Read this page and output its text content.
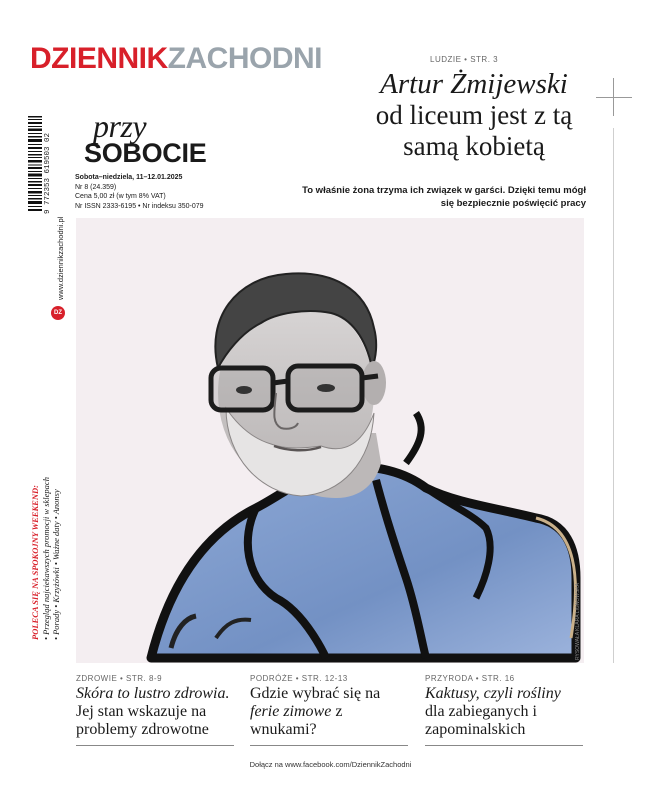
DZIENNIKZACHODNI	LUDZIE • STR. 3
Artur Żmijewski
od liceum jest z tą samą kobietą
To właśnie żona trzyma ich związek w garści. Dzięki temu mógł się bezpiecznie poświęcić pracy
przy
SOBOCIE
Sobota–niedziela, 11–12.01.2025
Nr 8 (24.359)
Cena 5,00 zł (w tym 8% VAT)
Nr ISSN 2333-6195 • Nr indeksu 350-079
9 772353 619503 02
DZ
www.dziennikzachodni.pl
POLECA SIĘ NA SPOKOJNY WEEKEND: • Przegląd najciekawszych promocji w sklepach • Porady • Krzyżówki • Ważne daty • Anonsy	RYSOWAŁA KLARA LIGNOWSKA
ZDROWIE • STR. 8-9
Skóra to lustro zdrowia. Jej stan wskazuje na problemy zdrowotne
PODRÓŻE • STR. 12-13
Gdzie wybrać się na ferie zimowe z wnukami?
PRZYRODA • STR. 16
Kaktusy, czyli rośliny dla zabieganych i zapominalskich
Dołącz na www.facebook.com/DziennikZachodni
